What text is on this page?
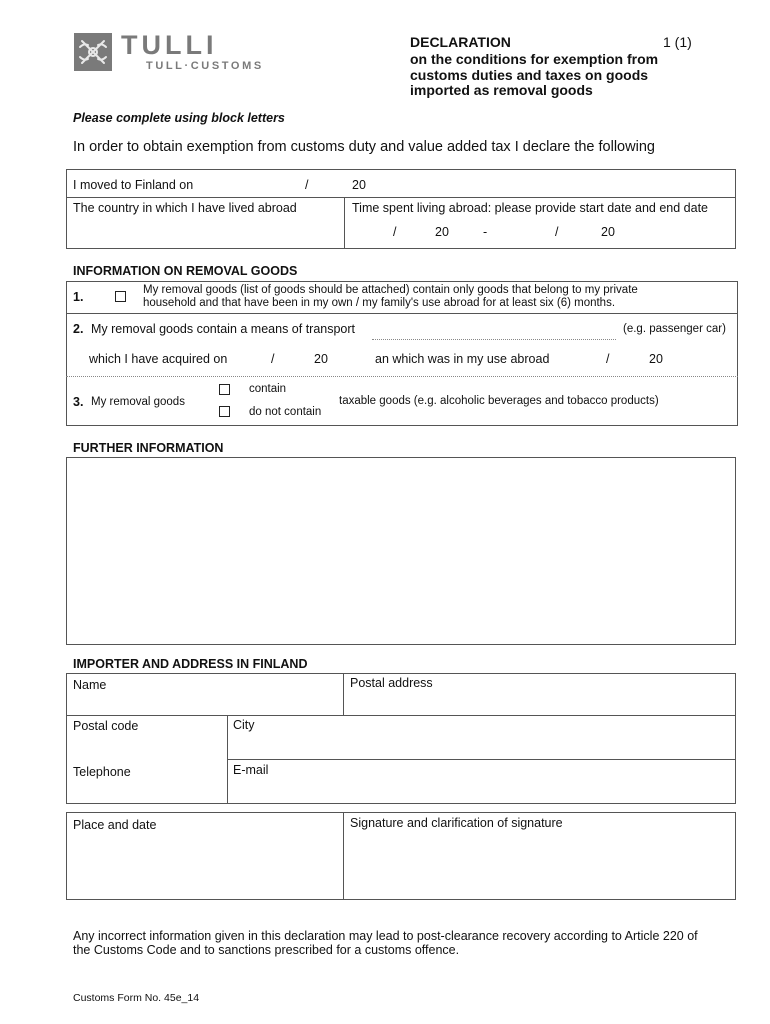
TULLI
TULL·CUSTOMS
DECLARATION	1 (1)
on the conditions for exemption from
customs duties and taxes on goods
imported as removal goods
Please complete using block letters
In order to obtain exemption from customs duty and value added tax I declare the following
I moved to Finland on	/	20
The country in which I have lived abroad	Time spent living abroad: please provide start date and end date
/	20	-	/	20
INFORMATION ON REMOVAL GOODS
1.	My removal goods (list of goods should be attached) contain only goods that belong to my private
household and that have been in my own / my family's use abroad for at least six (6) months.
2. My removal goods contain a means of transport	(e.g. passenger car)
which I have acquired on	/	20	an which was in my use abroad	/	20
3. My removal goods
contain
do not contain
taxable goods (e.g. alcoholic beverages and tobacco products)
FURTHER INFORMATION
IMPORTER AND ADDRESS IN FINLAND
Name	Postal address
Postal code	City
Telephone	E-mail
Place and date	Signature and clarification of signature
Any incorrect information given in this declaration may lead to post-clearance recovery according to Article 220 of
the Customs Code and to sanctions prescribed for a customs offence.
Customs Form No. 45e_14
